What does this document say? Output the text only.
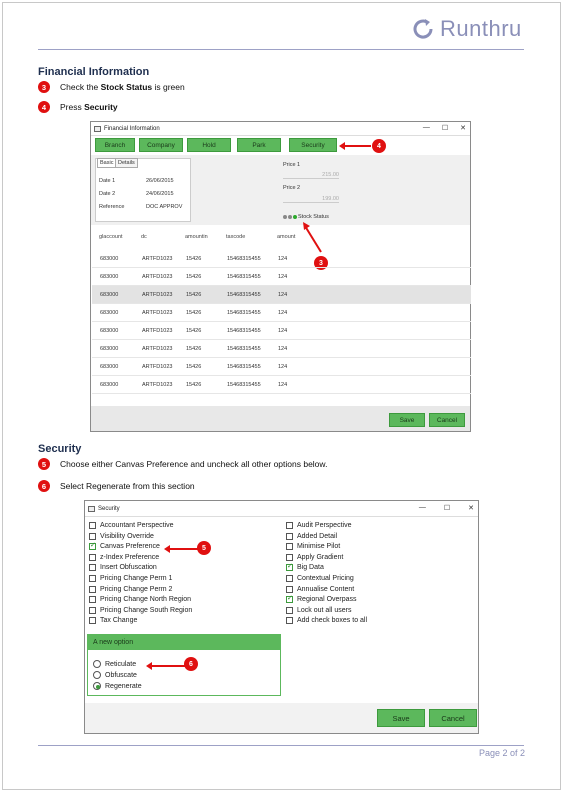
Runthru
Financial Information
3	Check the Stock Status is green
4	Press Security
Financial Information	— ☐ ✕
Branch	Company	Hold	Park	Security	4
Basic Details
Date 1	26/06/2015
Date 2	24/06/2015
Reference	DOC APPROV
Price 1
215.00
Price 2
199.00
Stock Status
3
glaccount	dc	amountin	taxcode	amount
683000	ARTFD1023 15426	15468315455	124
683000	ARTFD1023 15426	15468315455	124
683000	ARTFD1023 15426	15468315455	124
683000	ARTFD1023 15426	15468315455	124
683000	ARTFD1023 15426	15468315455	124
683000	ARTFD1023 15426	15468315455	124
683000	ARTFD1023 15426	15468315455	124
683000	ARTFD1023 15426	15468315455	124
Save	Cancel
Security
5	Choose either Canvas Preference and uncheck all other options below.
6	Select Regenerate from this section
Security	—	☐	✕
Accountant Perspective
Visibility Override
✓
Canvas Preference
z-Index Preference
Insert Obfuscation
Pricing Change Perm 1
Pricing Change Perm 2
Pricing Change North Region
Pricing Change South Region
Tax Change
Audit Perspective
Added Detail
Minimise Pilot
Apply Gradient
✓
Big Data
Contextual Pricing
Annualise Content
✓
Regional Overpass
Lock out all users
Add check boxes to all
5
A new option
Reticulate
Obfuscate
Regenerate
6
Save	Cancel
Page 2 of 2
